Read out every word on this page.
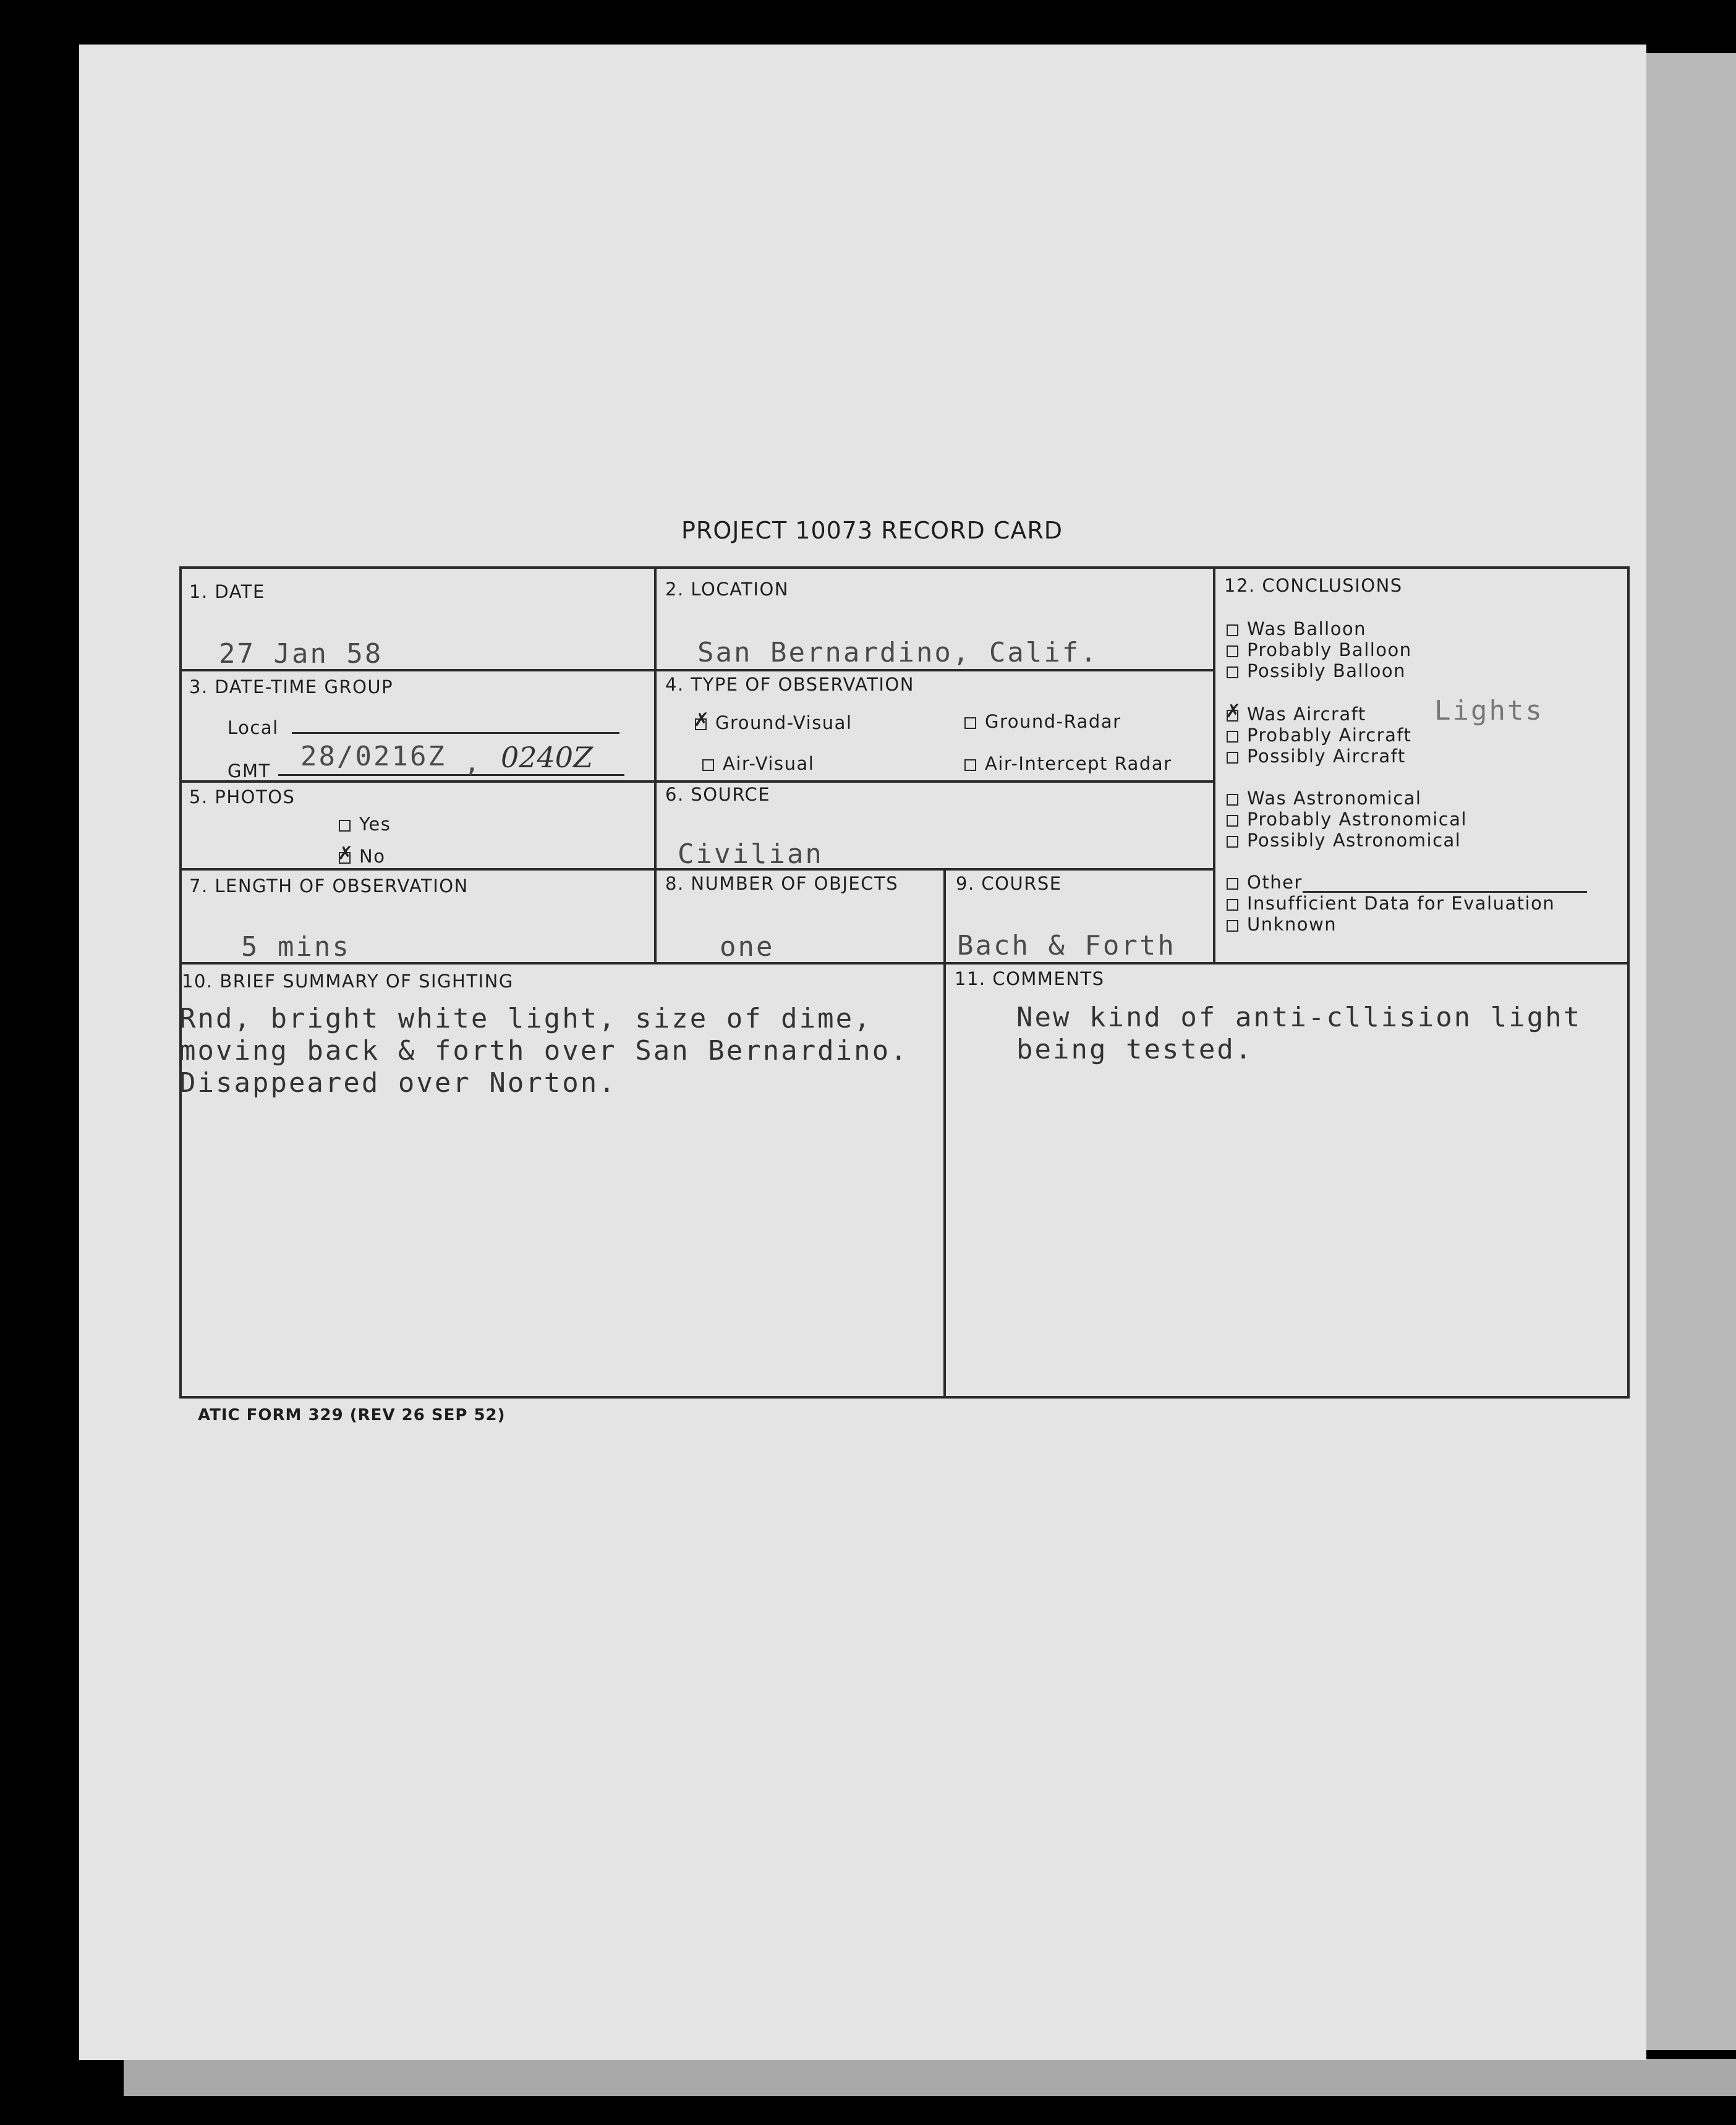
PROJECT 10073 RECORD CARD
1. DATE
27 Jan 58
2. LOCATION
San Bernardino, Calif.
12. CONCLUSIONS
Lights
Was Balloon
Probably Balloon
Possibly Balloon
✗Was Aircraft
Probably Aircraft
Possibly Aircraft
Was Astronomical
Probably Astronomical
Possibly Astronomical
Other
Insufficient Data for Evaluation
Unknown
3. DATE-TIME GROUP
Local
GMT 28/0216Z , 0240Z
4. TYPE OF OBSERVATION
✗Ground-Visual	Ground-Radar
Air-Visual	Air-Intercept Radar
5. PHOTOS
Yes
✗No
6. SOURCE
Civilian
7. LENGTH OF OBSERVATION
5 mins
8. NUMBER OF OBJECTS
one
9. COURSE
Bach & Forth
10. BRIEF SUMMARY OF SIGHTING
Rnd, bright white light, size of dime,
moving back & forth over San Bernardino.
Disappeared over Norton.
11. COMMENTS
New kind of anti-cllision light
being tested.
ATIC FORM 329 (REV 26 SEP 52)
